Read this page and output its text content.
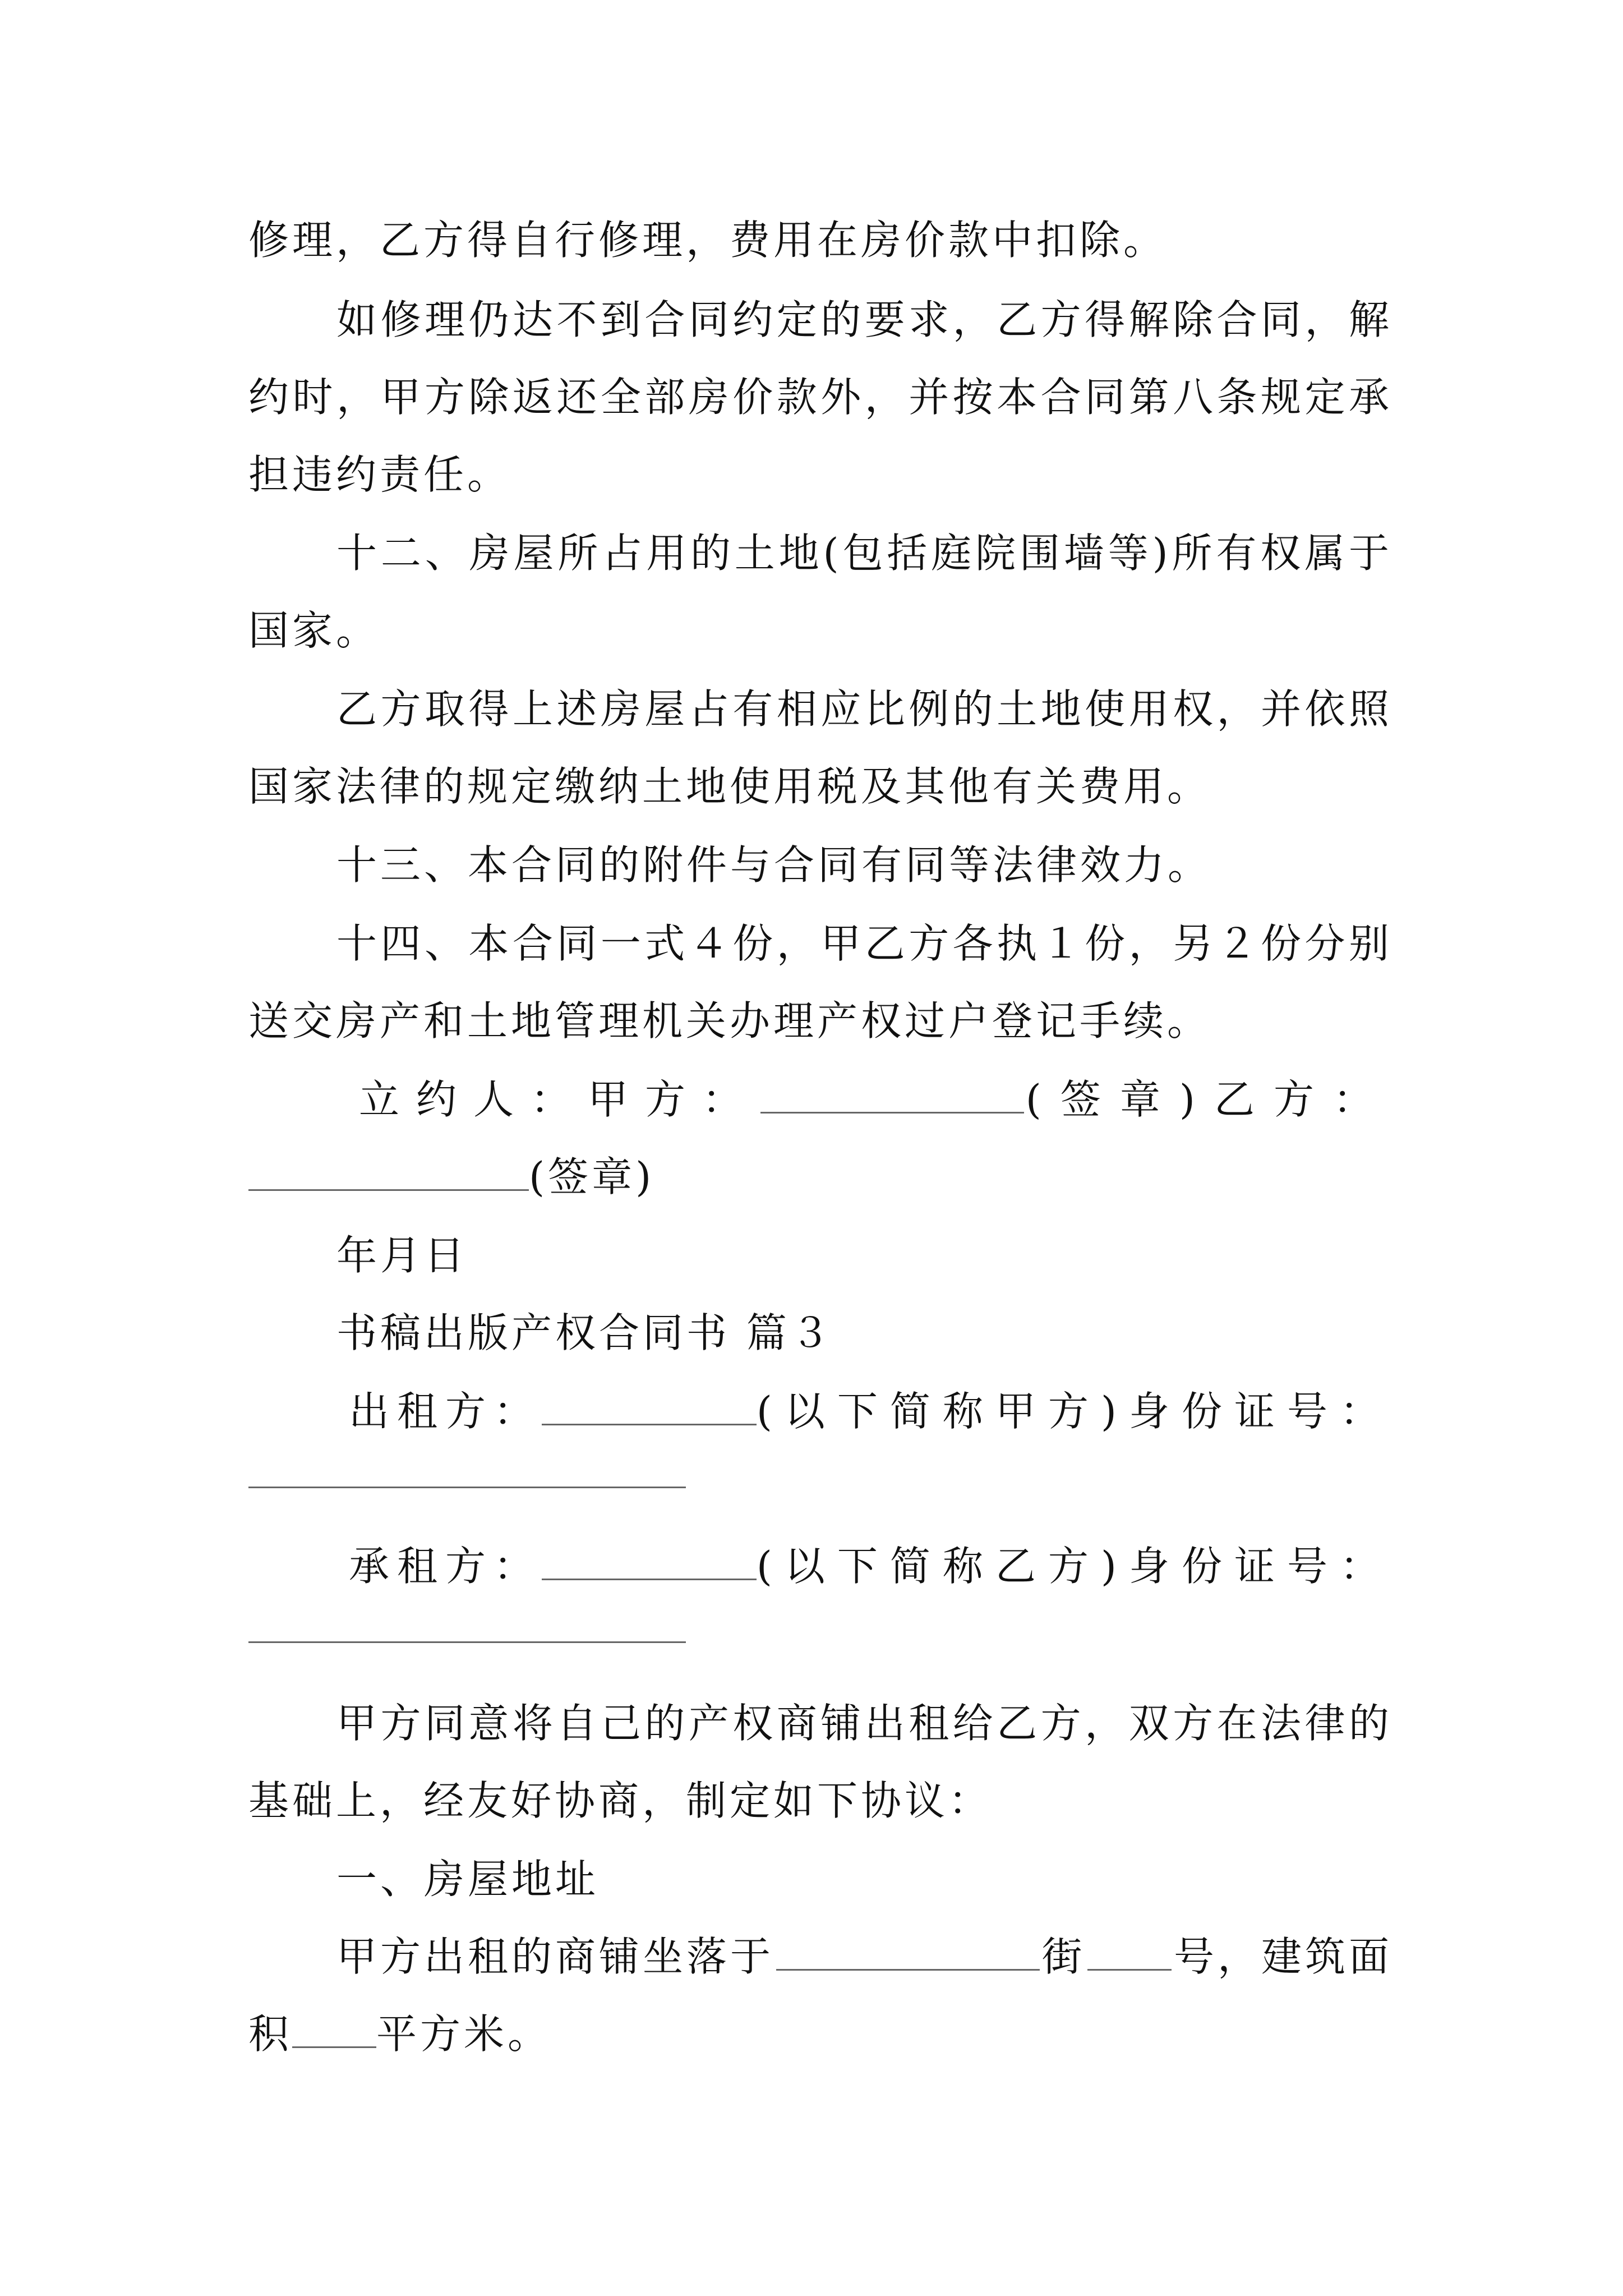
修理，乙方得自行修理，费用在房价款中扣除。
如修理仍达不到合同约定的要求，乙方得解除合同，解
约时，甲方除返还全部房价款外，并按本合同第八条规定承
担违约责任。
十二、房屋所占用的土地(包括庭院围墙等)所有权属于
国家。
乙方取得上述房屋占有相应比例的土地使用权，并依照
国家法律的规定缴纳土地使用税及其他有关费用。
十三、本合同的附件与合同有同等法律效力。
十四、本合同一式４份，甲乙方各执１份，另２份分别
送交房产和土地管理机关办理产权过户登记手续。
立约人：甲方：	(签章)乙方：
(签章)
年月日
书稿出版产权合同书 篇３
出租方：	(以下简称甲方)身份证号：
承租方：	(以下简称乙方)身份证号：
甲方同意将自己的产权商铺出租给乙方，双方在法律的
基础上，经友好协商，制定如下协议：
一、房屋地址
甲方出租的商铺坐落于	街 号，建筑面
积 平方米。
